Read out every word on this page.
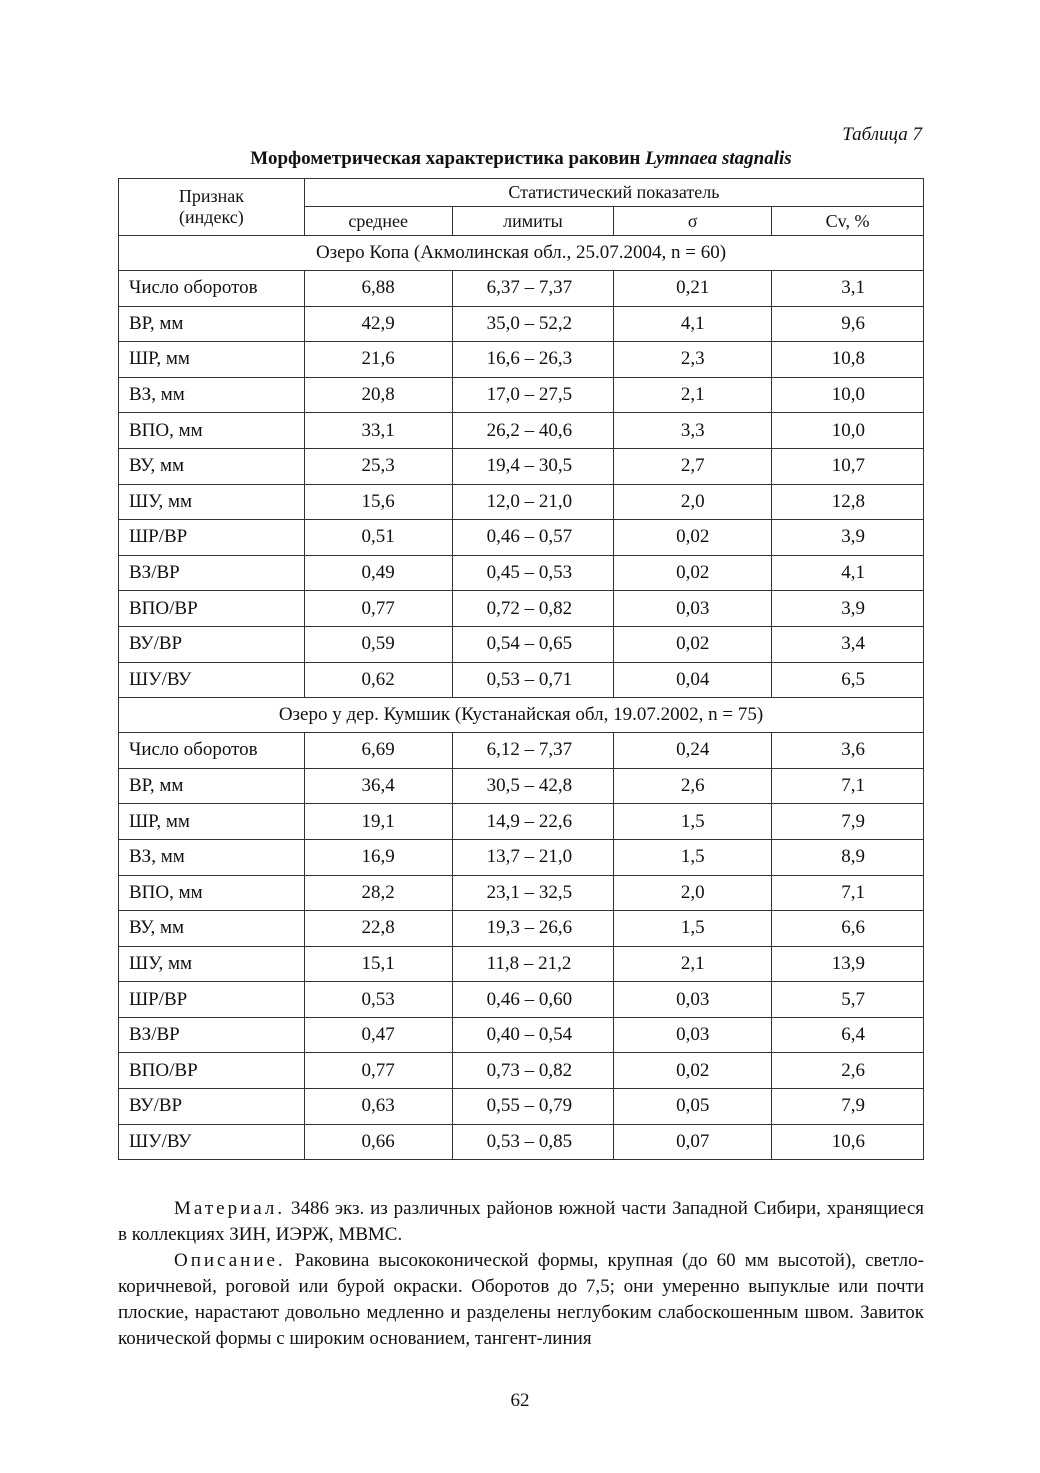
Таблица 7
Морфометрическая характеристика раковин Lymnaea stagnalis
Признак
(индекс)	Статистический показатель			
	среднее	лимиты	σ	Cv, %
Озеро Копа (Акмолинская обл., 25.07.2004, n = 60)				
Число оборотов	6,88	6,37 – 7,37	0,21	3,1
ВР, мм	42,9	35,0 – 52,2	4,1	9,6
ШР, мм	21,6	16,6 – 26,3	2,3	10,8
ВЗ, мм	20,8	17,0 – 27,5	2,1	10,0
ВПО, мм	33,1	26,2 – 40,6	3,3	10,0
ВУ, мм	25,3	19,4 – 30,5	2,7	10,7
ШУ, мм	15,6	12,0 – 21,0	2,0	12,8
ШР/ВР	0,51	0,46 – 0,57	0,02	3,9
ВЗ/ВР	0,49	0,45 – 0,53	0,02	4,1
ВПО/ВР	0,77	0,72 – 0,82	0,03	3,9
ВУ/ВР	0,59	0,54 – 0,65	0,02	3,4
ШУ/ВУ	0,62	0,53 – 0,71	0,04	6,5
Озеро у дер. Кумшик (Кустанайская обл, 19.07.2002, n = 75)				
Число оборотов	6,69	6,12 – 7,37	0,24	3,6
ВР, мм	36,4	30,5 – 42,8	2,6	7,1
ШР, мм	19,1	14,9 – 22,6	1,5	7,9
ВЗ, мм	16,9	13,7 – 21,0	1,5	8,9
ВПО, мм	28,2	23,1 – 32,5	2,0	7,1
ВУ, мм	22,8	19,3 – 26,6	1,5	6,6
ШУ, мм	15,1	11,8 – 21,2	2,1	13,9
ШР/ВР	0,53	0,46 – 0,60	0,03	5,7
ВЗ/ВР	0,47	0,40 – 0,54	0,03	6,4
ВПО/ВР	0,77	0,73 – 0,82	0,02	2,6
ВУ/ВР	0,63	0,55 – 0,79	0,05	7,9
ШУ/ВУ	0,66	0,53 – 0,85	0,07	10,6

Материал. 3486 экз. из различных районов южной части Западной Сибири, хранящиеся в коллекциях ЗИН, ИЭРЖ, МВМС.

Описание. Раковина высококонической формы, крупная (до 60 мм высотой), светло-коричневой, роговой или бурой окраски. Оборотов до 7,5; они умеренно выпуклые или почти плоские, нарастают довольно медленно и разделены неглубоким слабоскошенным швом. Завиток конической формы с широким основанием, тангент-линия

62
